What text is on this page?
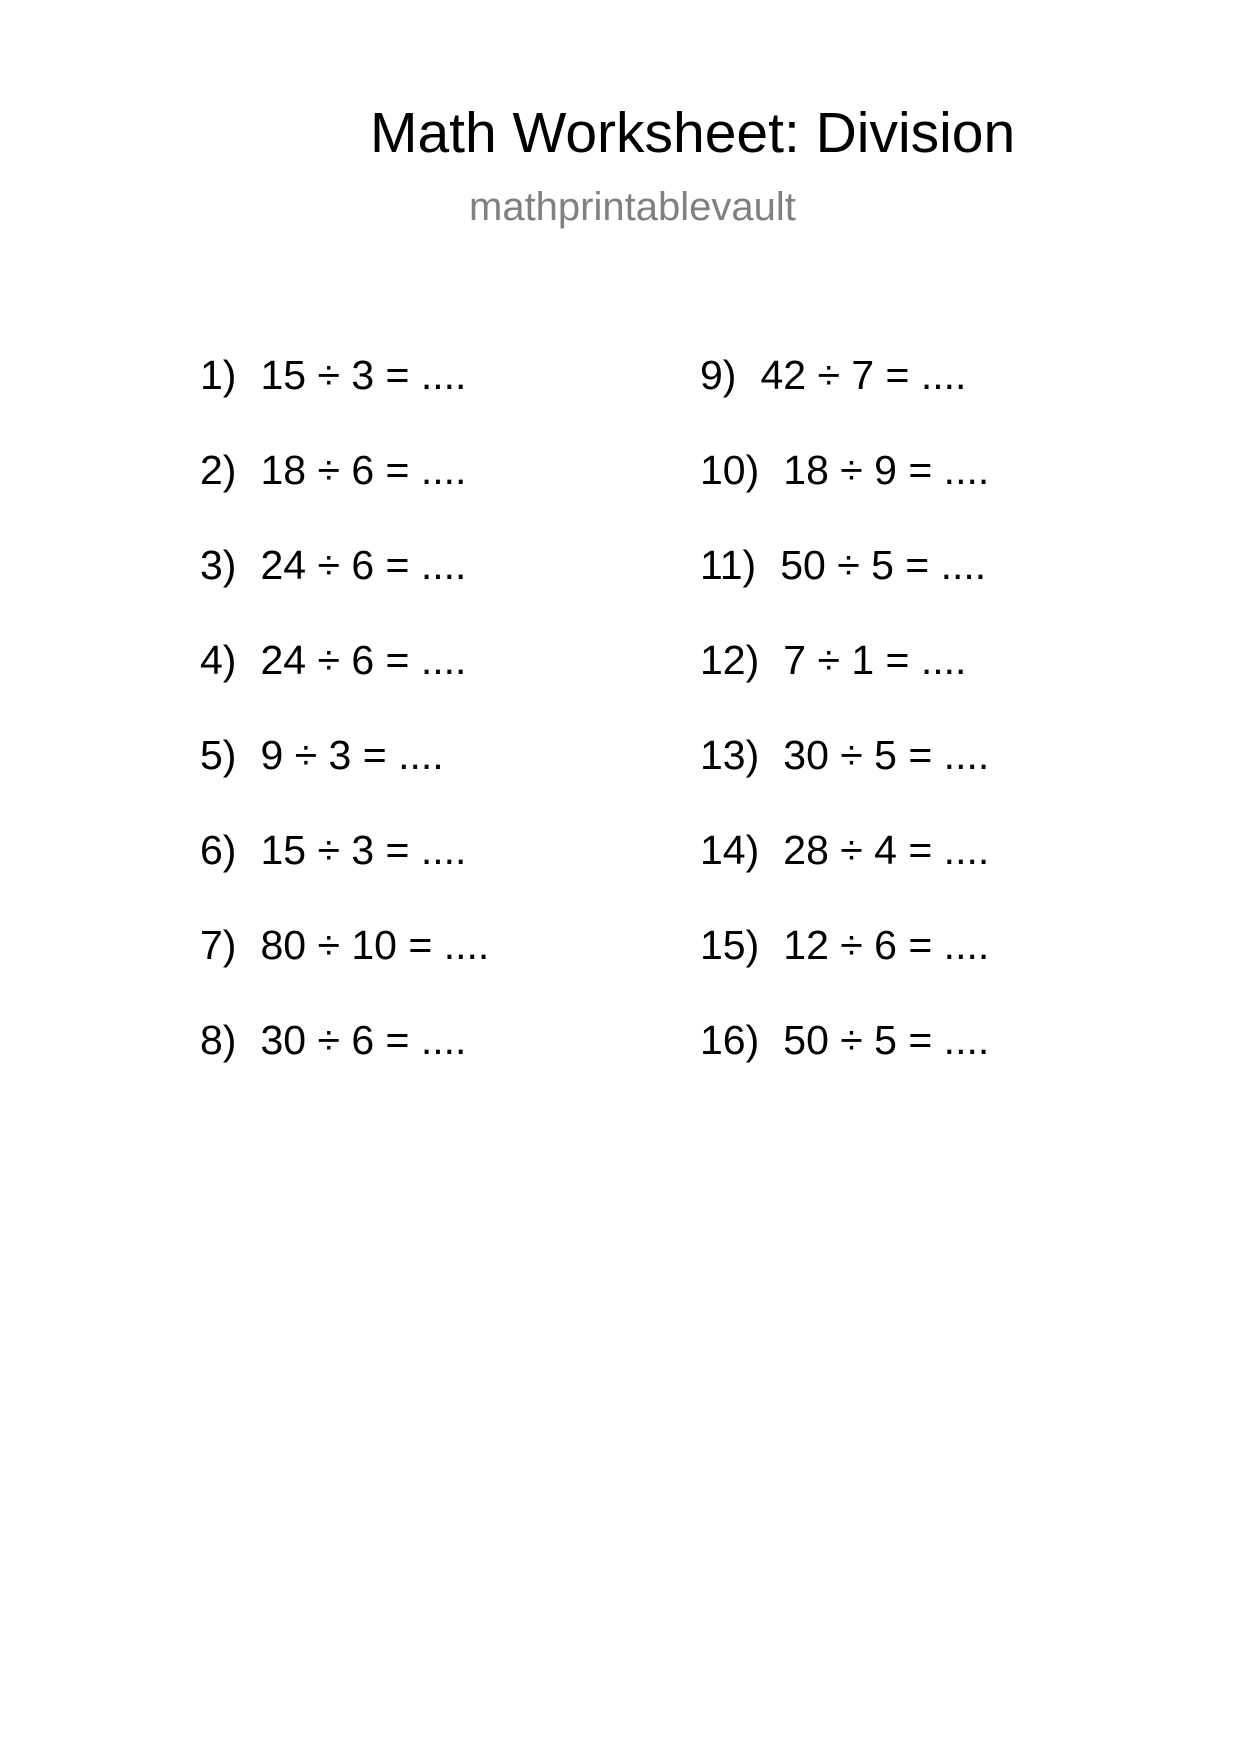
Math Worksheet: Division
mathprintablevault
1) 15 ÷ 3 = ....
2) 18 ÷ 6 = ....
3) 24 ÷ 6 = ....
4) 24 ÷ 6 = ....
5) 9 ÷ 3 = ....
6) 15 ÷ 3 = ....
7) 80 ÷ 10 = ....
8) 30 ÷ 6 = ....
9) 42 ÷ 7 = ....
10) 18 ÷ 9 = ....
11) 50 ÷ 5 = ....
12) 7 ÷ 1 = ....
13) 30 ÷ 5 = ....
14) 28 ÷ 4 = ....
15) 12 ÷ 6 = ....
16) 50 ÷ 5 = ....
